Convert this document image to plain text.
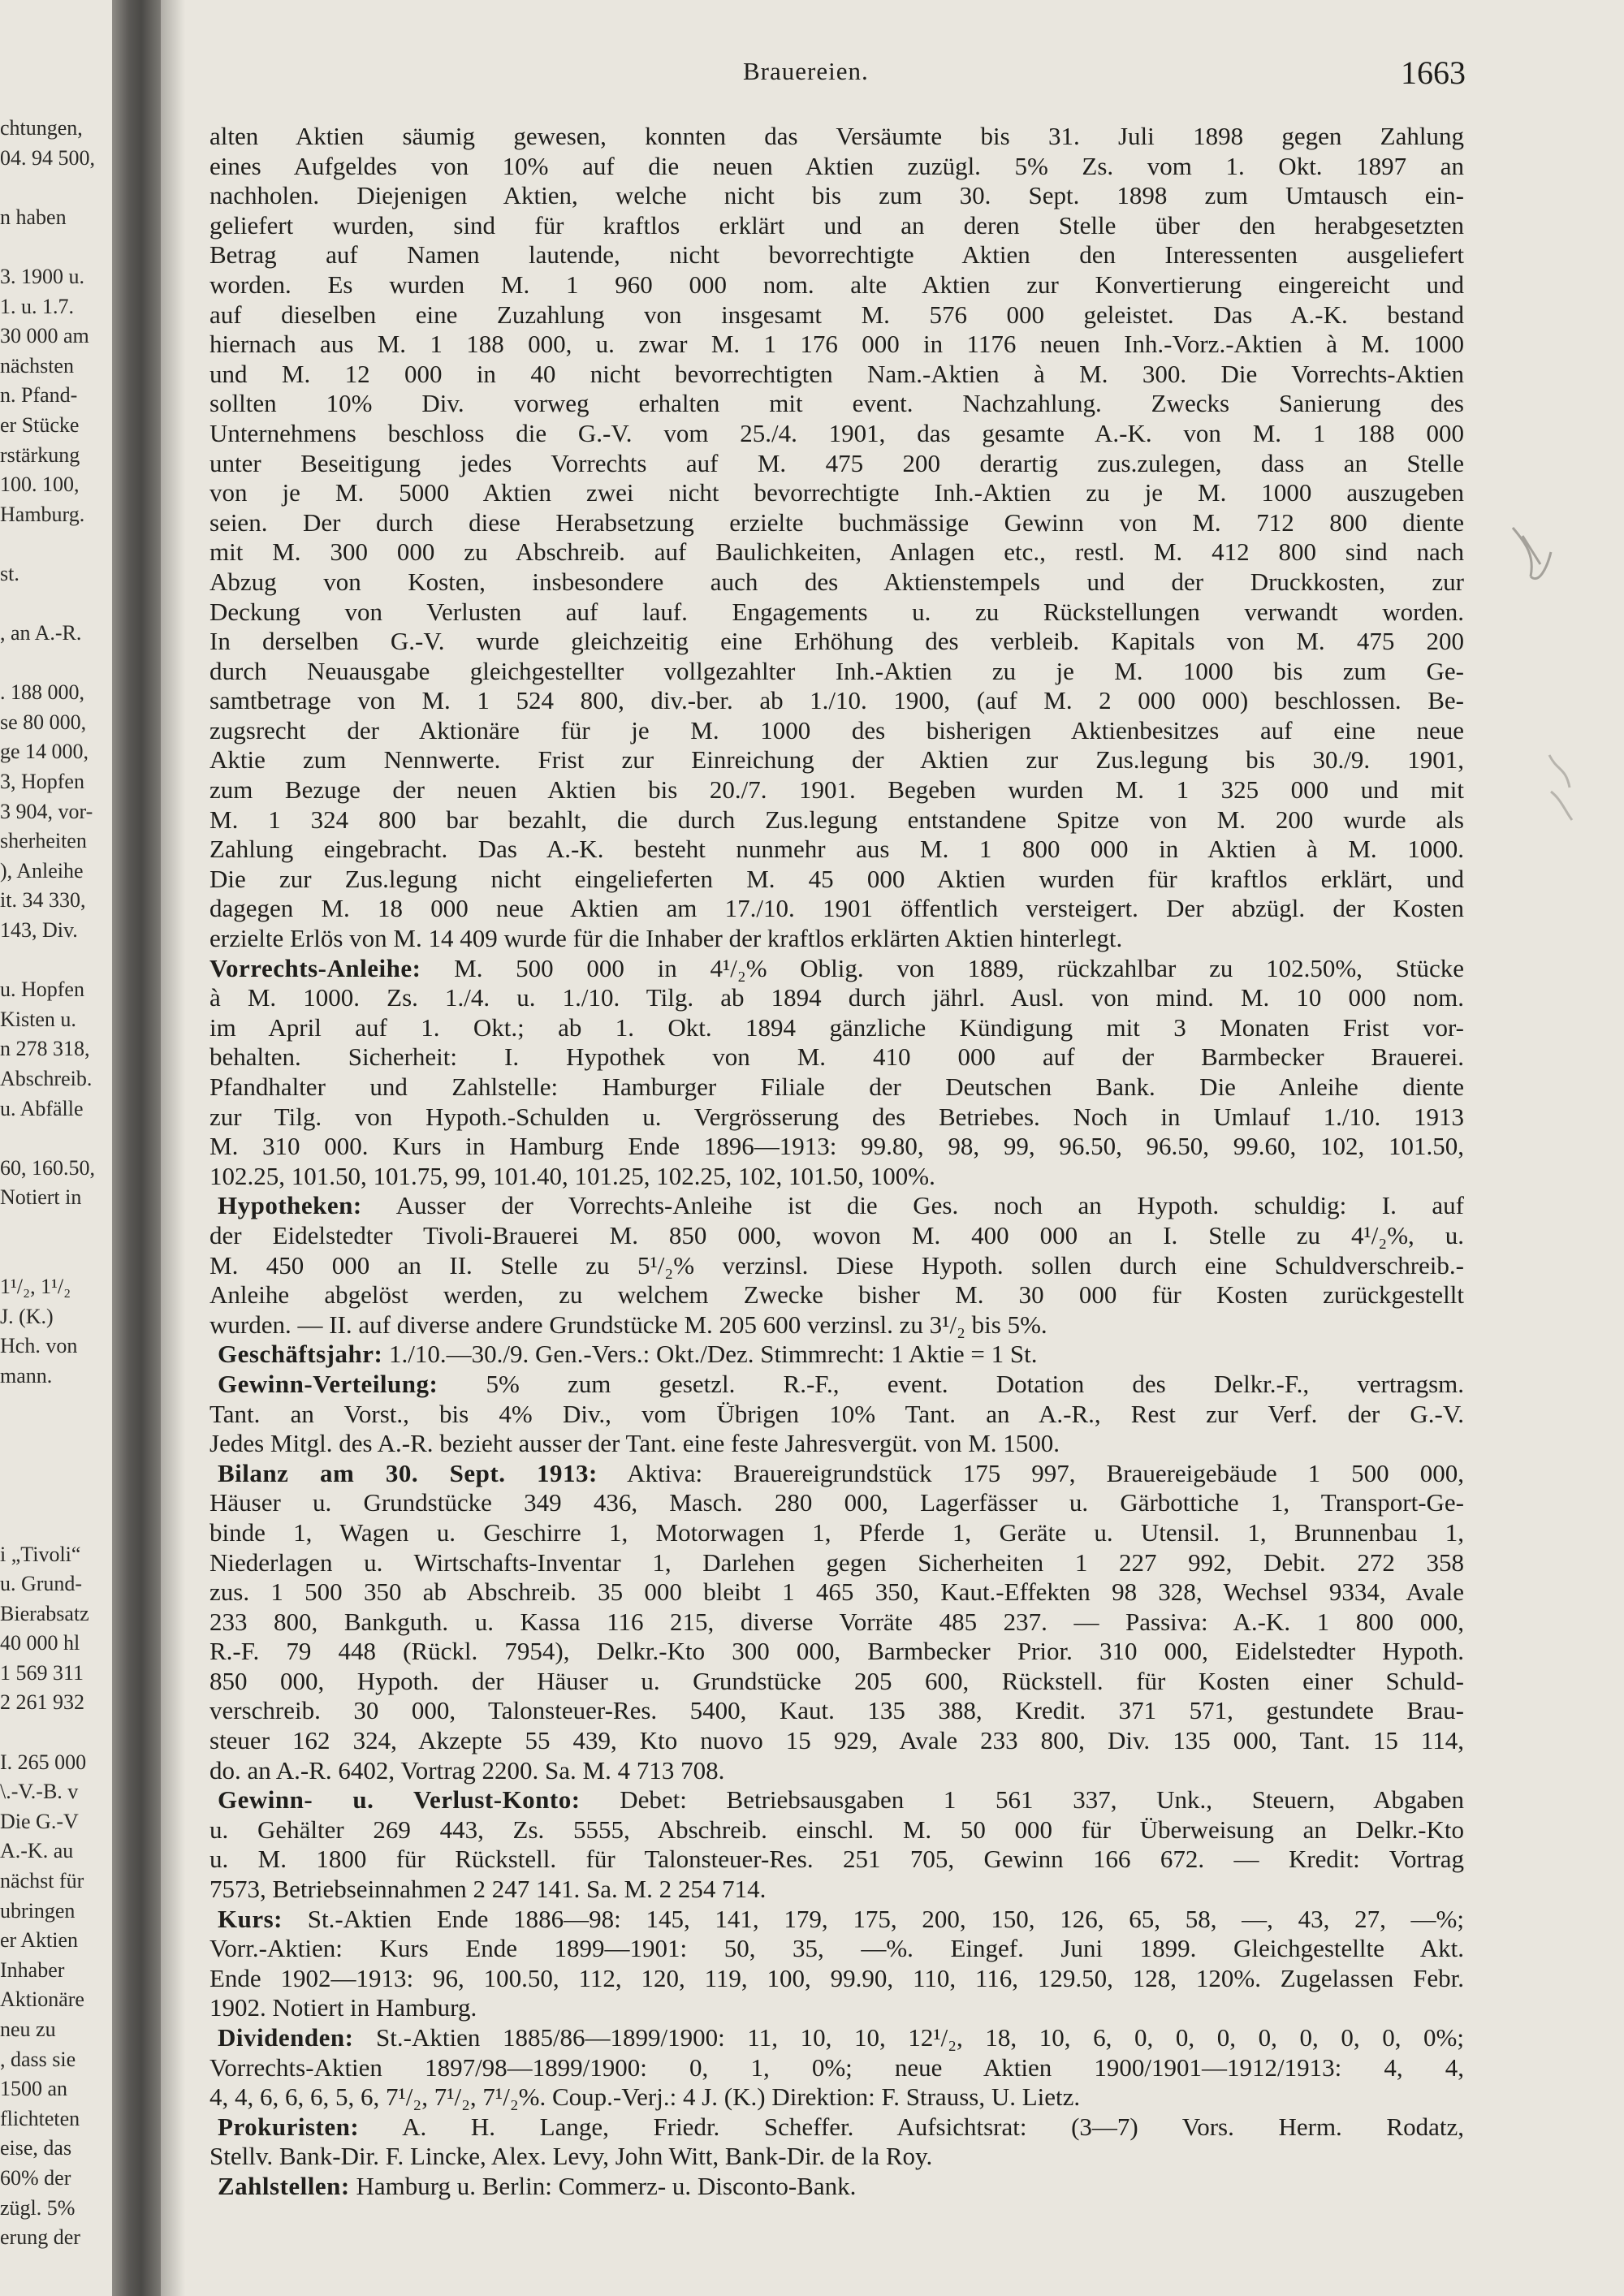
chtungen,
04. 94 500,
n haben
3. 1900 u.
1. u. 1.7.
30 000 am
nächsten
n. Pfand-
er Stücke
rstärkung
100. 100,
Hamburg.
st.
, an A.-R.
. 188 000,
se 80 000,
ge 14 000,
3, Hopfen
3 904, vor-
sherheiten
), Anleihe
it. 34 330,
143, Div.
u. Hopfen
Kisten u.
n 278 318,
Abschreib.
u. Abfälle
60, 160.50,
Notiert in
1¹/₂, 1¹/₂
J. (K.)
Hch. von
mann.
i „Tivoli“
u. Grund-
Bierabsatz
40 000 hl
1 569 311
2 261 932
I. 265 000
\.-V.-B. v
Die G.-V
A.-K. au
nächst für
ubringen
er Aktien
Inhaber
Aktionäre
neu zu
, dass sie
1500 an
flichteten
eise, das
60% der
zügl. 5%
erung der
Brauereien.	1663
alten Aktien säumig gewesen, konnten das Versäumte bis 31. Juli 1898 gegen Zahlung
eines Aufgeldes von 10% auf die neuen Aktien zuzügl. 5% Zs. vom 1. Okt. 1897 an
nachholen. Diejenigen Aktien, welche nicht bis zum 30. Sept. 1898 zum Umtausch ein-
geliefert wurden, sind für kraftlos erklärt und an deren Stelle über den herabgesetzten
Betrag auf Namen lautende, nicht bevorrechtigte Aktien den Interessenten ausgeliefert
worden. Es wurden M. 1 960 000 nom. alte Aktien zur Konvertierung eingereicht und
auf dieselben eine Zuzahlung von insgesamt M. 576 000 geleistet. Das A.-K. bestand
hiernach aus M. 1 188 000, u. zwar M. 1 176 000 in 1176 neuen Inh.-Vorz.-Aktien à M. 1000
und M. 12 000 in 40 nicht bevorrechtigten Nam.-Aktien à M. 300. Die Vorrechts-Aktien
sollten 10% Div. vorweg erhalten mit event. Nachzahlung. Zwecks Sanierung des
Unternehmens beschloss die G.-V. vom 25./4. 1901, das gesamte A.-K. von M. 1 188 000
unter Beseitigung jedes Vorrechts auf M. 475 200 derartig zus.zulegen, dass an Stelle
von je M. 5000 Aktien zwei nicht bevorrechtigte Inh.-Aktien zu je M. 1000 auszugeben
seien. Der durch diese Herabsetzung erzielte buchmässige Gewinn von M. 712 800 diente
mit M. 300 000 zu Abschreib. auf Baulichkeiten, Anlagen etc., restl. M. 412 800 sind nach
Abzug von Kosten, insbesondere auch des Aktienstempels und der Druckkosten, zur
Deckung von Verlusten auf lauf. Engagements u. zu Rückstellungen verwandt worden.
In derselben G.-V. wurde gleichzeitig eine Erhöhung des verbleib. Kapitals von M. 475 200
durch Neuausgabe gleichgestellter vollgezahlter Inh.-Aktien zu je M. 1000 bis zum Ge-
samtbetrage von M. 1 524 800, div.-ber. ab 1./10. 1900, (auf M. 2 000 000) beschlossen. Be-
zugsrecht der Aktionäre für je M. 1000 des bisherigen Aktienbesitzes auf eine neue
Aktie zum Nennwerte. Frist zur Einreichung der Aktien zur Zus.legung bis 30./9. 1901,
zum Bezuge der neuen Aktien bis 20./7. 1901. Begeben wurden M. 1 325 000 und mit
M. 1 324 800 bar bezahlt, die durch Zus.legung entstandene Spitze von M. 200 wurde als
Zahlung eingebracht. Das A.-K. besteht nunmehr aus M. 1 800 000 in Aktien à M. 1000.
Die zur Zus.legung nicht eingelieferten M. 45 000 Aktien wurden für kraftlos erklärt, und
dagegen M. 18 000 neue Aktien am 17./10. 1901 öffentlich versteigert. Der abzügl. der Kosten
erzielte Erlös von M. 14 409 wurde für die Inhaber der kraftlos erklärten Aktien hinterlegt.
Vorrechts-Anleihe: M. 500 000 in 4¹/₂% Oblig. von 1889, rückzahlbar zu 102.50%, Stücke
à M. 1000. Zs. 1./4. u. 1./10. Tilg. ab 1894 durch jährl. Ausl. von mind. M. 10 000 nom.
im April auf 1. Okt.; ab 1. Okt. 1894 gänzliche Kündigung mit 3 Monaten Frist vor-
behalten. Sicherheit: I. Hypothek von M. 410 000 auf der Barmbecker Brauerei.
Pfandhalter und Zahlstelle: Hamburger Filiale der Deutschen Bank. Die Anleihe diente
zur Tilg. von Hypoth.-Schulden u. Vergrösserung des Betriebes. Noch in Umlauf 1./10. 1913
M. 310 000. Kurs in Hamburg Ende 1896—1913: 99.80, 98, 99, 96.50, 96.50, 99.60, 102, 101.50,
102.25, 101.50, 101.75, 99, 101.40, 101.25, 102.25, 102, 101.50, 100%.
Hypotheken: Ausser der Vorrechts-Anleihe ist die Ges. noch an Hypoth. schuldig: I. auf
der Eidelstedter Tivoli-Brauerei M. 850 000, wovon M. 400 000 an I. Stelle zu 4¹/₂%, u.
M. 450 000 an II. Stelle zu 5¹/₂% verzinsl. Diese Hypoth. sollen durch eine Schuldverschreib.-
Anleihe abgelöst werden, zu welchem Zwecke bisher M. 30 000 für Kosten zurückgestellt
wurden. — II. auf diverse andere Grundstücke M. 205 600 verzinsl. zu 3¹/₂ bis 5%.
Geschäftsjahr: 1./10.—30./9. Gen.-Vers.: Okt./Dez. Stimmrecht: 1 Aktie = 1 St.
Gewinn-Verteilung: 5% zum gesetzl. R.-F., event. Dotation des Delkr.-F., vertragsm.
Tant. an Vorst., bis 4% Div., vom Übrigen 10% Tant. an A.-R., Rest zur Verf. der G.-V.
Jedes Mitgl. des A.-R. bezieht ausser der Tant. eine feste Jahresvergüt. von M. 1500.
Bilanz am 30. Sept. 1913: Aktiva: Brauereigrundstück 175 997, Brauereigebäude 1 500 000,
Häuser u. Grundstücke 349 436, Masch. 280 000, Lagerfässer u. Gärbottiche 1, Transport-Ge-
binde 1, Wagen u. Geschirre 1, Motorwagen 1, Pferde 1, Geräte u. Utensil. 1, Brunnenbau 1,
Niederlagen u. Wirtschafts-Inventar 1, Darlehen gegen Sicherheiten 1 227 992, Debit. 272 358
zus. 1 500 350 ab Abschreib. 35 000 bleibt 1 465 350, Kaut.-Effekten 98 328, Wechsel 9334, Avale
233 800, Bankguth. u. Kassa 116 215, diverse Vorräte 485 237. — Passiva: A.-K. 1 800 000,
R.-F. 79 448 (Rückl. 7954), Delkr.-Kto 300 000, Barmbecker Prior. 310 000, Eidelstedter Hypoth.
850 000, Hypoth. der Häuser u. Grundstücke 205 600, Rückstell. für Kosten einer Schuld-
verschreib. 30 000, Talonsteuer-Res. 5400, Kaut. 135 388, Kredit. 371 571, gestundete Brau-
steuer 162 324, Akzepte 55 439, Kto nuovo 15 929, Avale 233 800, Div. 135 000, Tant. 15 114,
do. an A.-R. 6402, Vortrag 2200. Sa. M. 4 713 708.
Gewinn- u. Verlust-Konto: Debet: Betriebsausgaben 1 561 337, Unk., Steuern, Abgaben
u. Gehälter 269 443, Zs. 5555, Abschreib. einschl. M. 50 000 für Überweisung an Delkr.-Kto
u. M. 1800 für Rückstell. für Talonsteuer-Res. 251 705, Gewinn 166 672. — Kredit: Vortrag
7573, Betriebseinnahmen 2 247 141. Sa. M. 2 254 714.
Kurs: St.-Aktien Ende 1886—98: 145, 141, 179, 175, 200, 150, 126, 65, 58, —, 43, 27, —%;
Vorr.-Aktien: Kurs Ende 1899—1901: 50, 35, —%. Eingef. Juni 1899. Gleichgestellte Akt.
Ende 1902—1913: 96, 100.50, 112, 120, 119, 100, 99.90, 110, 116, 129.50, 128, 120%. Zugelassen Febr.
1902. Notiert in Hamburg.
Dividenden: St.-Aktien 1885/86—1899/1900: 11, 10, 10, 12¹/₂, 18, 10, 6, 0, 0, 0, 0, 0, 0, 0, 0%;
Vorrechts-Aktien 1897/98—1899/1900: 0, 1, 0%; neue Aktien 1900/1901—1912/1913: 4, 4,
4, 4, 6, 6, 6, 5, 6, 7¹/₂, 7¹/₂, 7¹/₂%. Coup.-Verj.: 4 J. (K.) Direktion: F. Strauss, U. Lietz.
Prokuristen: A. H. Lange, Friedr. Scheffer. Aufsichtsrat: (3—7) Vors. Herm. Rodatz,
Stellv. Bank-Dir. F. Lincke, Alex. Levy, John Witt, Bank-Dir. de la Roy.
Zahlstellen: Hamburg u. Berlin: Commerz- u. Disconto-Bank.
